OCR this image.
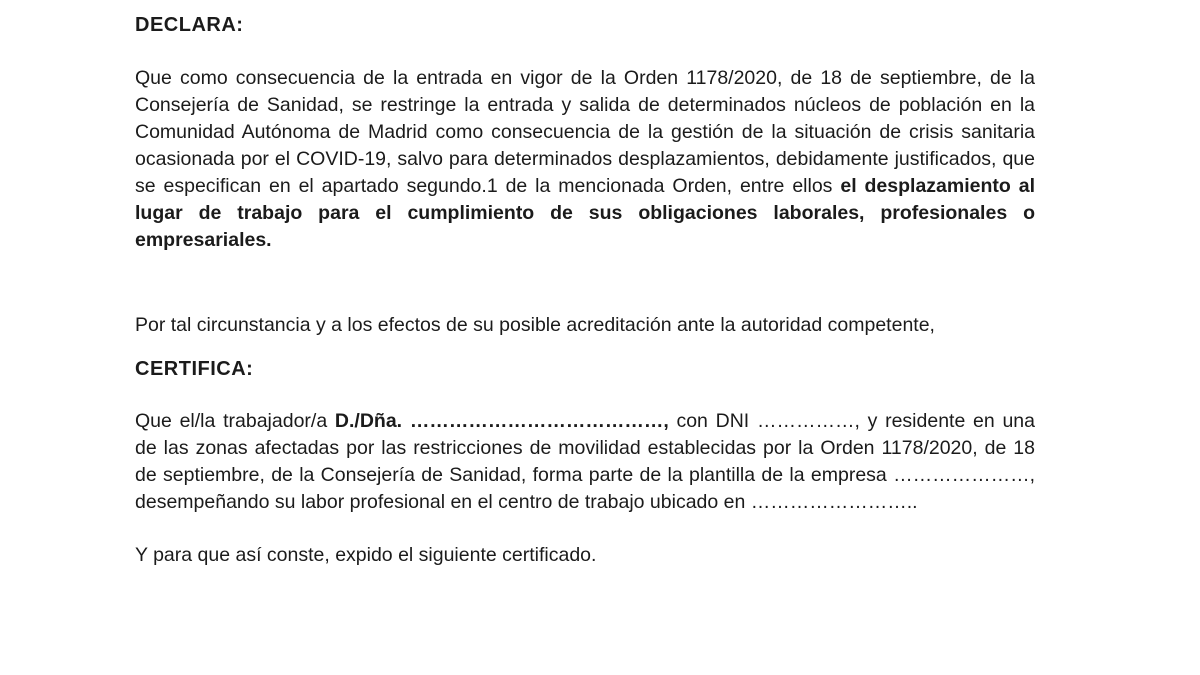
DECLARA:

Que como consecuencia de la entrada en vigor de la Orden 1178/2020, de 18 de septiembre, de la Consejería de Sanidad, se restringe la entrada y salida de determinados núcleos de población en la Comunidad Autónoma de Madrid como consecuencia de la gestión de la situación de crisis sanitaria ocasionada por el COVID-19, salvo para determinados desplazamientos, debidamente justificados, que se especifican en el apartado segundo.1 de la mencionada Orden, entre ellos el desplazamiento al lugar de trabajo para el cumplimiento de sus obligaciones laborales, profesionales o empresariales.

Por tal circunstancia y a los efectos de su posible acreditación ante la autoridad competente,

CERTIFICA:

Que el/la trabajador/a D./Dña. …………………………………, con DNI ……………, y residente en una de las zonas afectadas por las restricciones de movilidad establecidas por la Orden 1178/2020, de 18 de septiembre, de la Consejería de Sanidad, forma parte de la plantilla de la empresa …………………, desempeñando su labor profesional en el centro de trabajo ubicado en ……………………..

Y para que así conste, expido el siguiente certificado.
